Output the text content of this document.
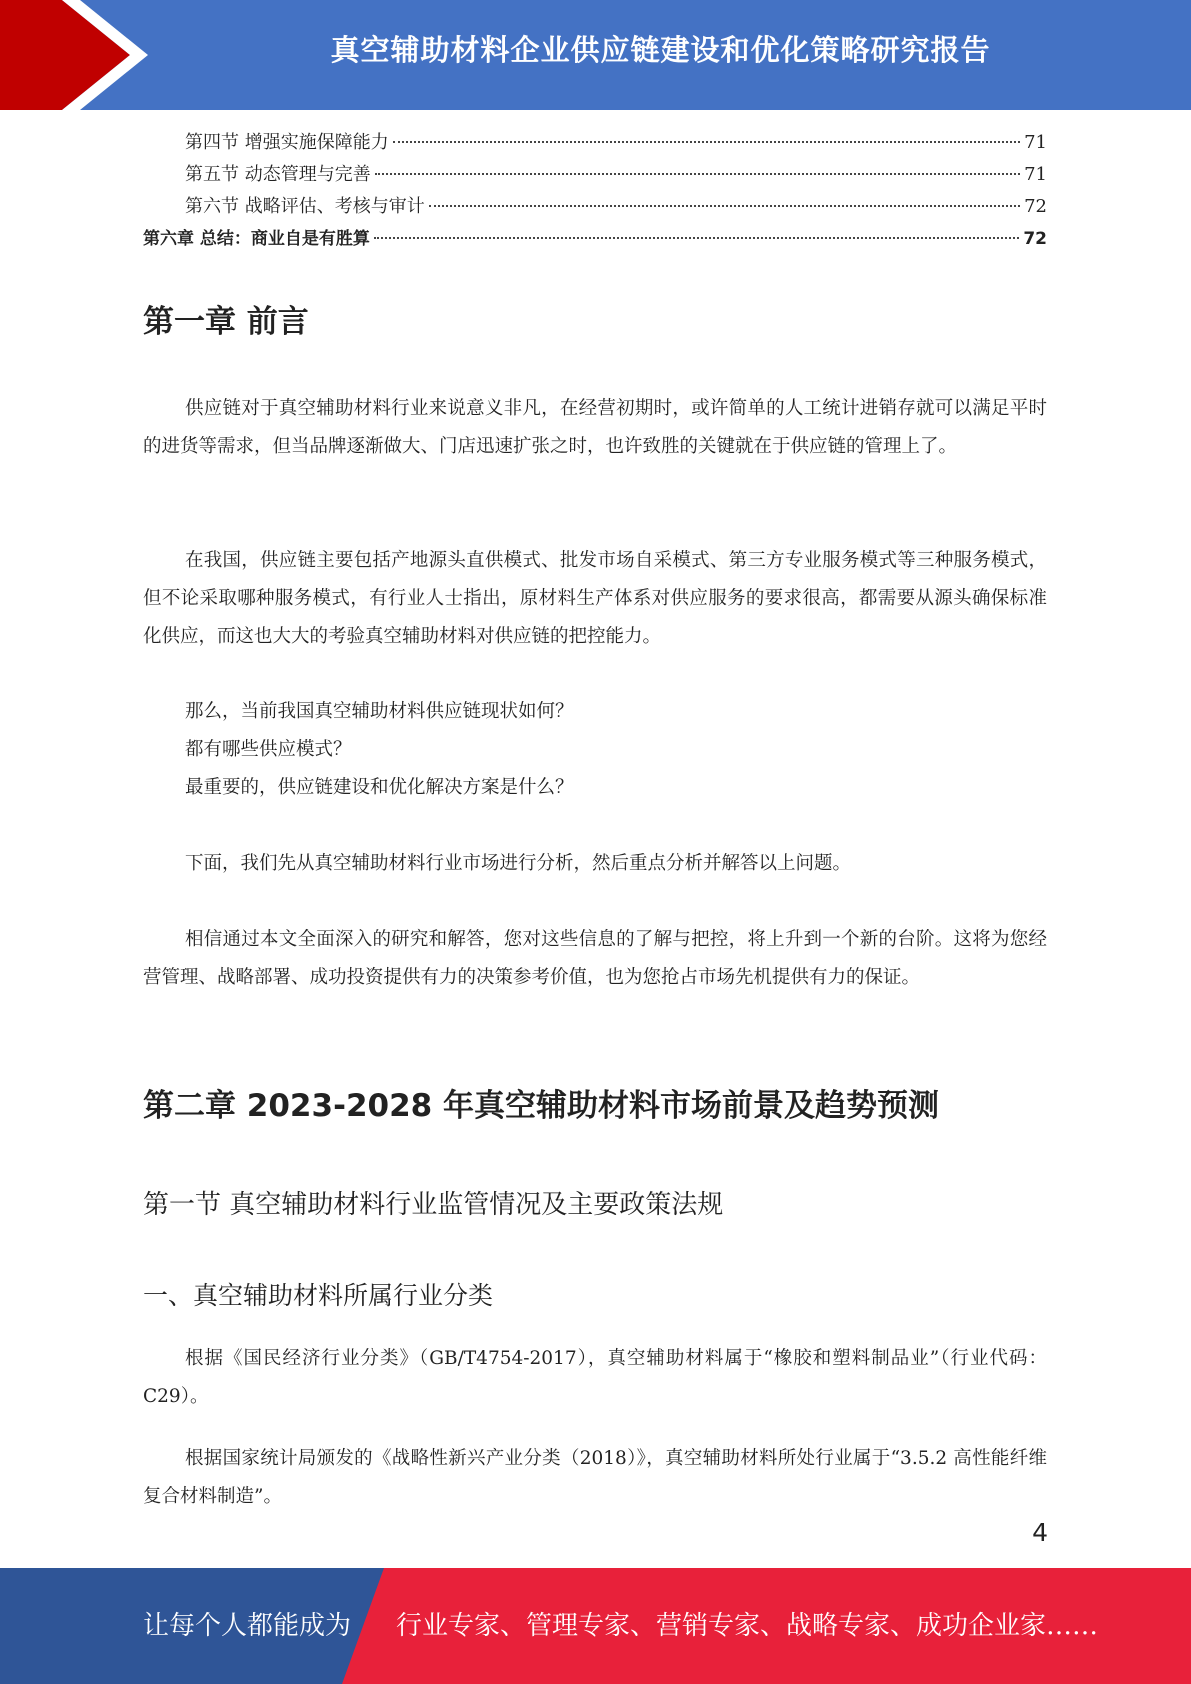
真空辅助材料企业供应链建设和优化策略研究报告
第四节 增强实施保障能力	71
第五节 动态管理与完善	71
第六节 战略评估、考核与审计	72
第六章 总结：商业自是有胜算	72
第一章 前言

供应链对于真空辅助材料行业来说意义非凡，在经营初期时，或许简单的人工统计进销存就可以满足平时的进货等需求，但当品牌逐渐做大、门店迅速扩张之时，也许致胜的关键就在于供应链的管理上了。

在我国，供应链主要包括产地源头直供模式、批发市场自采模式、第三方专业服务模式等三种服务模式，但不论采取哪种服务模式，有行业人士指出，原材料生产体系对供应服务的要求很高，都需要从源头确保标准化供应，而这也大大的考验真空辅助材料对供应链的把控能力。

那么，当前我国真空辅助材料供应链现状如何？

都有哪些供应模式？

最重要的，供应链建设和优化解决方案是什么？

下面，我们先从真空辅助材料行业市场进行分析，然后重点分析并解答以上问题。

相信通过本文全面深入的研究和解答，您对这些信息的了解与把控，将上升到一个新的台阶。这将为您经营管理、战略部署、成功投资提供有力的决策参考价值，也为您抢占市场先机提供有力的保证。

第二章 2023-2028 年真空辅助材料市场前景及趋势预测
第一节 真空辅助材料行业监管情况及主要政策法规
一、真空辅助材料所属行业分类

根据《国民经济行业分类》（GB/T4754-2017），真空辅助材料属于“橡胶和塑料制品业”（行业代码：C29）。

根据国家统计局颁发的《战略性新兴产业分类（2018）》，真空辅助材料所处行业属于“3.5.2 高性能纤维复合材料制造”。

4
让每个人都能成为 行业专家、管理专家、营销专家、战略专家、成功企业家……
